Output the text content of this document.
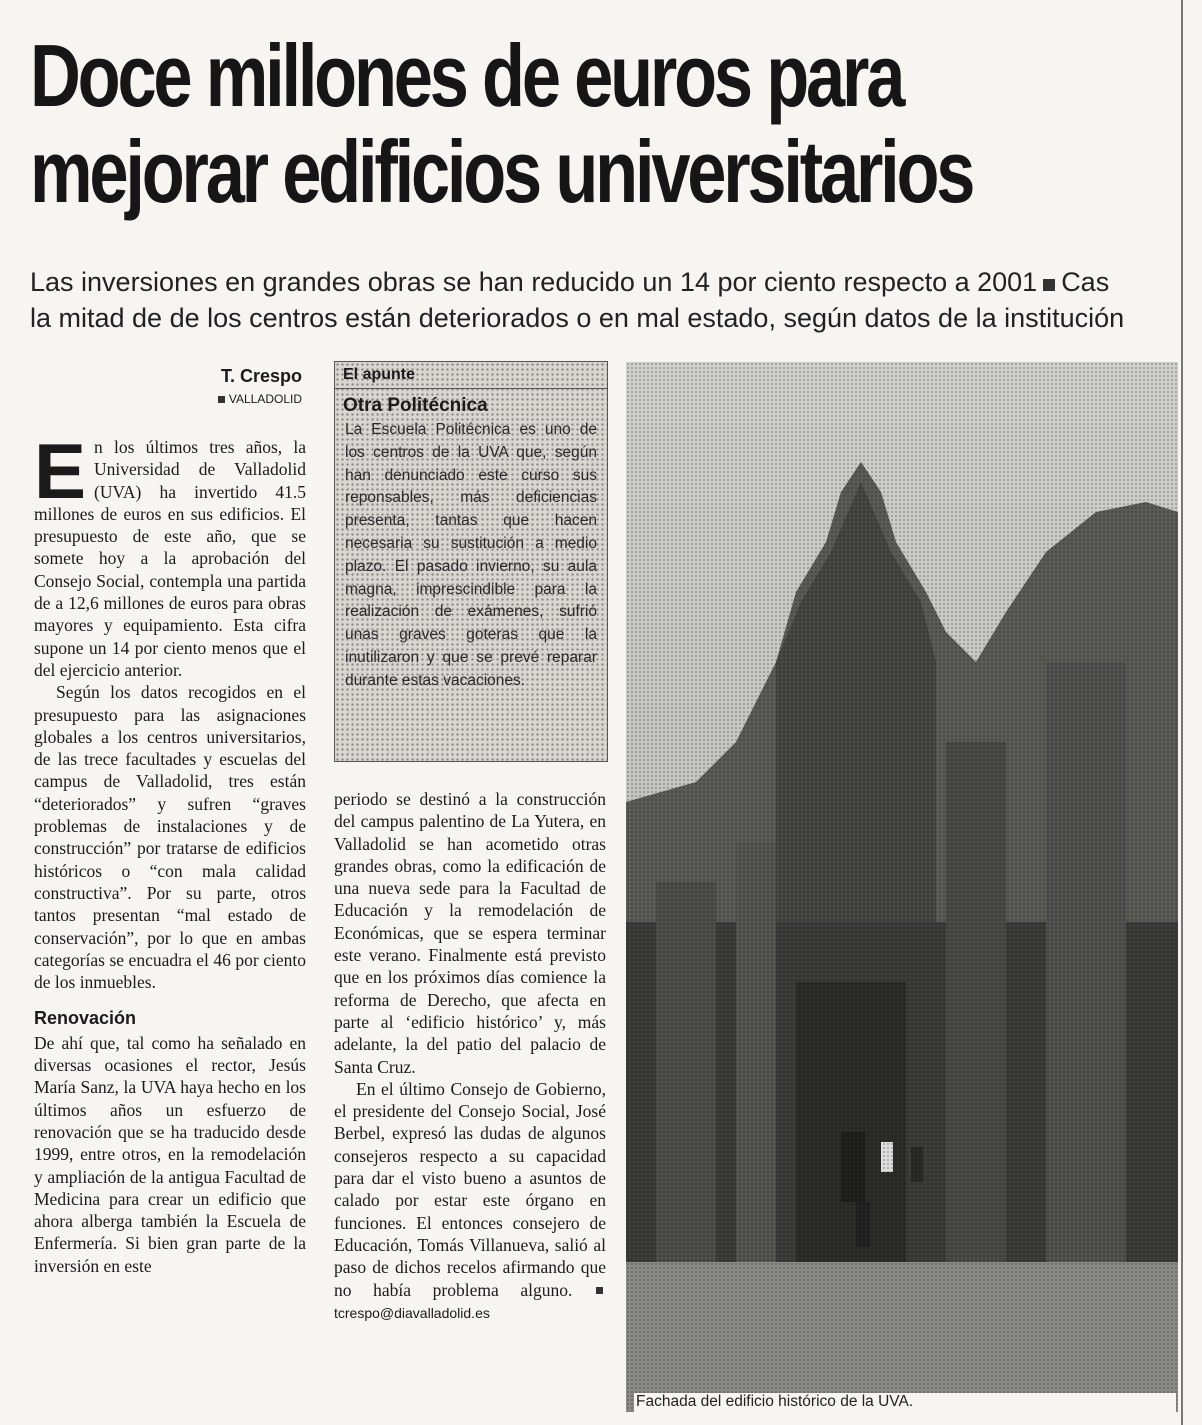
Doce millones de euros para
mejorar edificios universitarios
Las inversiones en grandes obras se han reducido un 14 por ciento respecto a 2001 Cas
la mitad de de los centros están deteriorados o en mal estado, según datos de la institución
T. Crespo
VALLADOLID

En los últimos tres años, la Universidad de Valladolid (UVA) ha invertido 41.5 millones de euros en sus edificios. El presupuesto de este año, que se somete hoy a la aprobación del Consejo Social, contempla una partida de a 12,6 millones de euros para obras mayores y equipamiento. Esta cifra supone un 14 por ciento menos que el del ejercicio anterior.

Según los datos recogidos en el presupuesto para las asignaciones globales a los centros universitarios, de las trece facultades y escuelas del campus de Valladolid, tres están “deteriorados” y sufren “graves problemas de instalaciones y de construcción” por tratarse de edificios históricos o “con mala calidad constructiva”. Por su parte, otros tantos presentan “mal estado de conservación”, por lo que en ambas categorías se encuadra el 46 por ciento de los inmuebles.

Renovación

De ahí que, tal como ha señalado en diversas ocasiones el rector, Jesús María Sanz, la UVA haya hecho en los últimos años un esfuerzo de renovación que se ha traducido desde 1999, entre otros, en la remodelación y ampliación de la antigua Facultad de Medicina para crear un edificio que ahora alberga también la Escuela de Enfermería. Si bien gran parte de la inversión en este

El apunte
Otra Politécnica
La Escuela Politécnica es uno de los centros de la UVA que, según han denunciado este curso sus reponsables, más deficiencias presenta, tantas que hacen necesaria su sustitución a medio plazo. El pasado invierno, su aula magna, imprescindible para la realización de exámenes, sufrió unas graves goteras que la inutilizaron y que se prevé reparar durante estas vacaciones.

periodo se destinó a la construcción del campus palentino de La Yutera, en Valladolid se han acometido otras grandes obras, como la edificación de una nueva sede para la Facultad de Educación y la remodelación de Económicas, que se espera terminar este verano. Finalmente está previsto que en los próximos días comience la reforma de Derecho, que afecta en parte al ‘edificio histórico’ y, más adelante, la del patio del palacio de Santa Cruz.

En el último Consejo de Gobierno, el presidente del Consejo Social, José Berbel, expresó las dudas de algunos consejeros respecto a su capacidad para dar el visto bueno a asuntos de calado por estar este órgano en funciones. El entonces consejero de Educación, Tomás Villanueva, salió al paso de dichos recelos afirmando que no había problema alguno. tcrespo@diavalladolid.es

Fachada del edificio histórico de la UVA.
